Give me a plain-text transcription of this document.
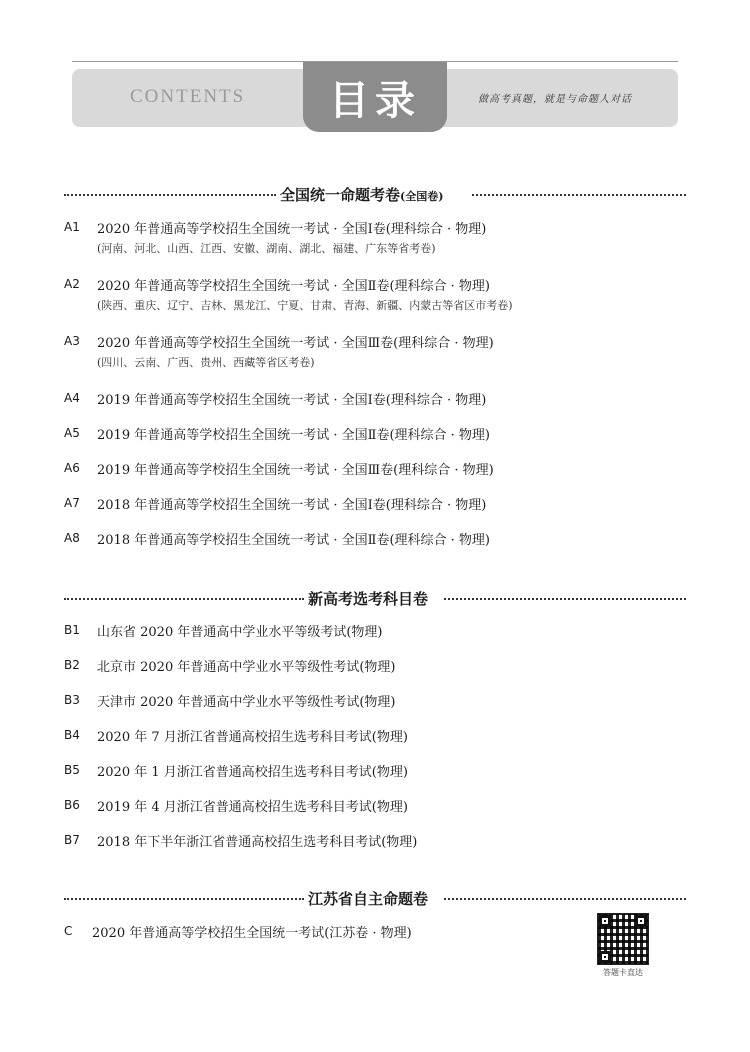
CONTENTS 目录	做高考真题，就是与命题人对话
全国统一命题考卷(全国卷)
A1 2020 年普通高等学校招生全国统一考试 · 全国Ⅰ卷(理科综合 · 物理)
(河南、河北、山西、江西、安徽、湖南、湖北、福建、广东等省考卷)
A2 2020 年普通高等学校招生全国统一考试 · 全国Ⅱ卷(理科综合 · 物理)
(陕西、重庆、辽宁、吉林、黑龙江、宁夏、甘肃、青海、新疆、内蒙古等省区市考卷)
A3 2020 年普通高等学校招生全国统一考试 · 全国Ⅲ卷(理科综合 · 物理)
(四川、云南、广西、贵州、西藏等省区考卷)
A4 2019 年普通高等学校招生全国统一考试 · 全国Ⅰ卷(理科综合 · 物理)
A5 2019 年普通高等学校招生全国统一考试 · 全国Ⅱ卷(理科综合 · 物理)
A6 2019 年普通高等学校招生全国统一考试 · 全国Ⅲ卷(理科综合 · 物理)
A7 2018 年普通高等学校招生全国统一考试 · 全国Ⅰ卷(理科综合 · 物理)
A8 2018 年普通高等学校招生全国统一考试 · 全国Ⅱ卷(理科综合 · 物理)
新高考选考科目卷
B1 山东省 2020 年普通高中学业水平等级考试(物理)
B2 北京市 2020 年普通高中学业水平等级性考试(物理)
B3 天津市 2020 年普通高中学业水平等级性考试(物理)
B4 2020 年 7 月浙江省普通高校招生选考科目考试(物理)
B5 2020 年 1 月浙江省普通高校招生选考科目考试(物理)
B6 2019 年 4 月浙江省普通高校招生选考科目考试(物理)
B7 2018 年下半年浙江省普通高校招生选考科目考试(物理)
江苏省自主命题卷
C 2020 年普通高等学校招生全国统一考试(江苏卷 · 物理)
答题卡直达
